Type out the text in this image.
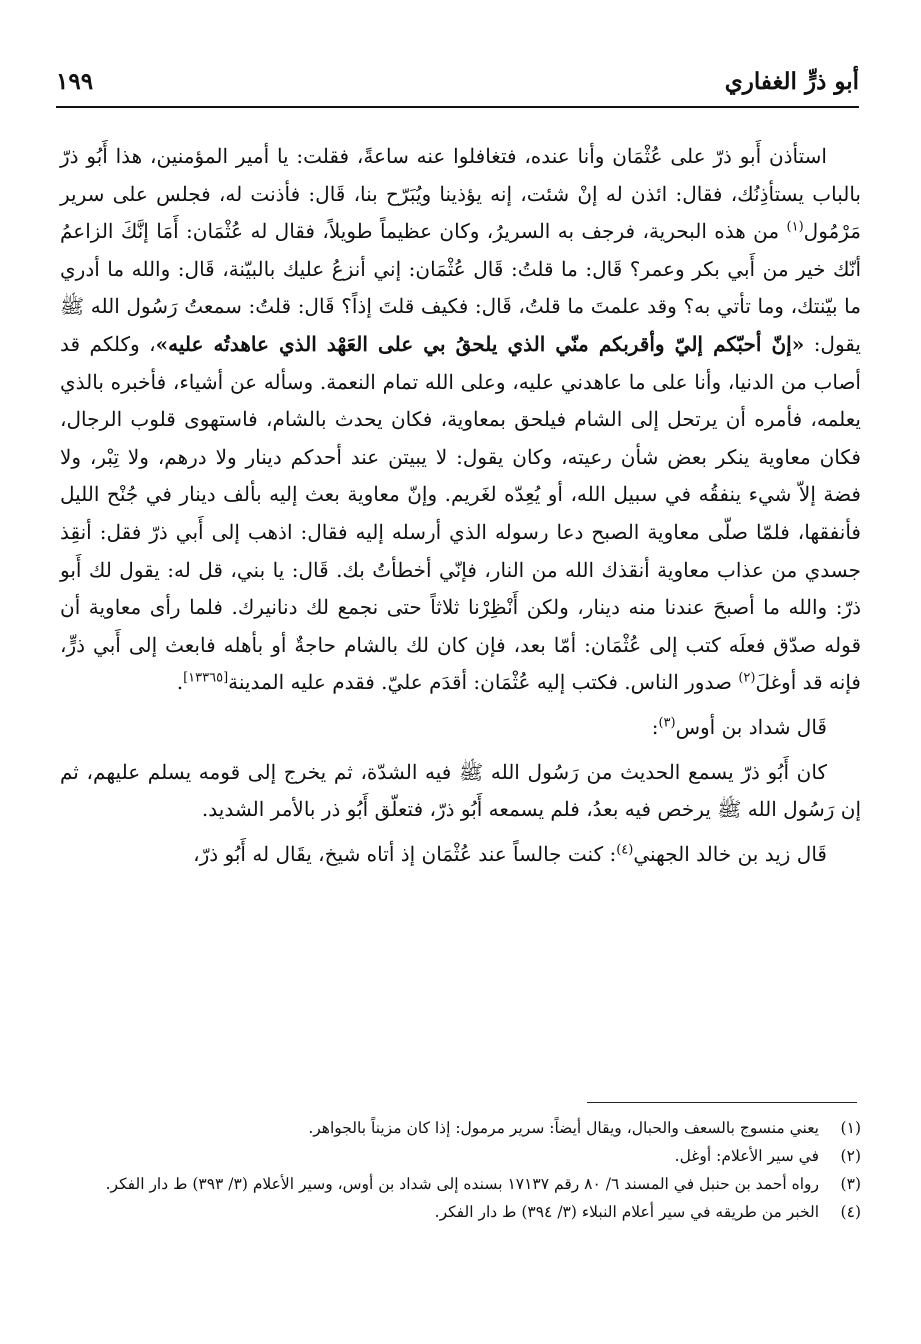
أبو ذرٍّ الغفاري
١٩٩

استأذن أَبو ذرّ على عُثْمَان وأنا عنده، فتغافلوا عنه ساعةً، فقلت: يا أمير المؤمنين، هذا أَبُو ذرّ بالباب يستأذِنُك، فقال: ائذن له إنْ شئت، إنه يؤذينا ويُبَرّح بنا، قَال: فأذنت له، فجلس على سرير مَرْمُول$^{(١)}$ من هذه البحرية، فرجف به السريرُ، وكان عظيماً طويلاً، فقال له عُثْمَان: أَمَا إنَّكَ الزاعمُ أنّك خير من أَبي بكر وعمر؟ قَال: ما قلتُ: قَال عُثْمَان: إني أنزعُ عليك بالبيّنة، قَال: والله ما أدري ما بيّنتك، وما تأتي به؟ وقد علمتَ ما قلتُ، قَال: فكيف قلتَ إذاً؟ قَال: قلتُ: سمعتُ رَسُول الله ﷺ يقول: «إنّ أحبّكم إليّ وأقربكم منّي الذي يلحقُ بي على العَهْد الذي عاهدتُه عليه»، وكلكم قد أصاب من الدنيا، وأنا على ما عاهدني عليه، وعلى الله تمام النعمة. وسأله عن أشياء، فأخبره بالذي يعلمه، فأمره أن يرتحل إلى الشام فيلحق بمعاوية، فكان يحدث بالشام، فاستهوى قلوب الرجال، فكان معاوية ينكر بعض شأن رعيته، وكان يقول: لا يبيتن عند أحدكم دينار ولا درهم، ولا تِبْر، ولا فضة إلاّ شيء ينفقُه في سبيل الله، أو يُعِدّه لغَريم. وإنّ معاوية بعث إليه بألف دينار في جُنْح الليل فأنفقها، فلمّا صلّى معاوية الصبح دعا رسوله الذي أرسله إليه فقال: اذهب إلى أَبي ذرّ فقل: أنقِذ جسدي من عذاب معاوية أنقذك الله من النار، فإنّي أخطأتُ بك. قَال: يا بني، قل له: يقول لك أَبو ذرّ: والله ما أصبحَ عندنا منه دينار، ولكن أَنْظِرْنا ثلاثاً حتى نجمع لك دنانيرك. فلما رأى معاوية أن قوله صدّق فعلَه كتب إلى عُثْمَان: أمّا بعد، فإن كان لك بالشام حاجةٌ أو بأهله فابعث إلى أَبي ذرٍّ، فإنه قد أوغلَ$^{(٢)}$ صدور الناس. فكتب إليه عُثْمَان: أقدَم عليّ. فقدم عليه المدينة[١٣٣٦٥].

قَال شداد بن أوس$^{(٣)}$:

كان أَبُو ذرّ يسمع الحديث من رَسُول الله ﷺ فيه الشدّة، ثم يخرج إلى قومه يسلم عليهم، ثم إن رَسُول الله ﷺ يرخص فيه بعدُ، فلم يسمعه أَبُو ذرّ، فتعلّق أَبُو ذر بالأمر الشديد.

قَال زيد بن خالد الجهني$^{(٤)}$: كنت جالساً عند عُثْمَان إذ أتاه شيخ، يقَال له أَبُو ذرّ،

(١)
يعني منسوج بالسعف والحبال، ويقال أيضاً: سرير مرمول: إذا كان مزيناً بالجواهر.
(٢)
في سير الأعلام: أوغل.
(٣)
رواه أحمد بن حنبل في المسند ٦/ ٨٠ رقم ١٧١٣٧ بسنده إلى شداد بن أوس، وسير الأعلام (٣/ ٣٩٣) ط دار الفكر.
(٤)
الخبر من طريقه في سير أعلام النبلاء (٣/ ٣٩٤) ط دار الفكر.
